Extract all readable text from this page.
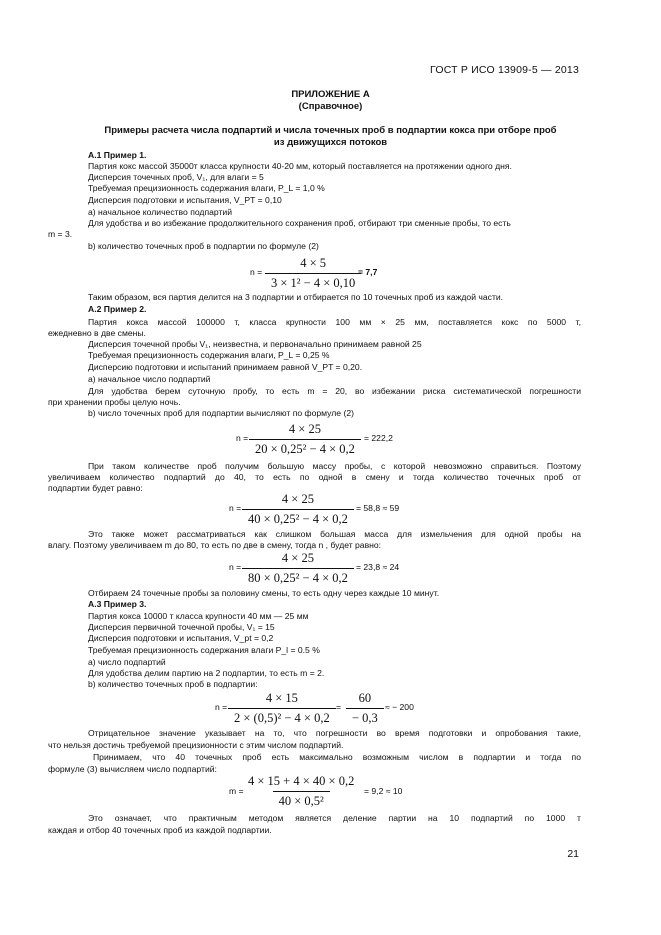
ГОСТ Р ИСО 13909-5 — 2013
ПРИЛОЖЕНИЕ А
(Справочное)
Примеры расчета числа подпартий и числа точечных проб в подпартии кокса при отборе проб
из движущихся потоков
А.1 Пример 1.
Партия кокс массой 35000т класса крупности 40-20 мм, который поставляется на протяжении одного дня.
Дисперсия точечных проб, V₁, для влаги = 5
Требуемая прецизионность содержания влаги, P_L = 1,0 %
Дисперсия подготовки и испытания, V_PT = 0,10
a) начальное количество подпартий
Для удобства и во избежание продолжительного сохранения проб, отбирают три сменные пробы, то есть
m = 3.
b) количество точечных проб в подпартии по формуле (2)
$n = \frac{4 \times 5}{\text{3 × 1² − 4 × 0,10}}$
= 7,7
Таким образом, вся партия делится на 3 подпартии и отбирается по 10 точечных проб из каждой части.
А.2 Пример 2.
Партия кокса массой 100000 т, класса крупности 100 мм × 25 мм, поставляется кокс по 5000 т,
ежедневно в две смены.
Дисперсия точечной пробы V₁, неизвестна, и первоначально принимаем равной 25
Требуемая прецизионность содержания влаги, P_L = 0,25 %
Дисперсию подготовки и испытаний принимаем равной V_PT = 0,20.
a) начальное число подпартий
Для удобства берем суточную пробу, то есть m = 20, во избежании риска систематической погрешности
при хранении пробы целую ночь.
b) число точечных проб для подпартии вычисляют по формуле (2)
$n = \frac{4 \times 25}{\text{20 × 0,25² − 4 × 0,2}} = 222,2$
При таком количестве проб получим большую массу пробы, с которой невозможно справиться. Поэтому
увеличиваем количество подпартий до 40, то есть по одной в смену и тогда количество точечных проб от
подпартии будет равно:
$n = \frac{4 \times 25}{\text{40 × 0,25² − 4 × 0,2}} = 58,8 \approx 59$
Это также может рассматриваться как слишком большая масса для измельчения для одной пробы на
влагу. Поэтому увеличиваем m до 80, то есть по две в смену, тогда n , будет равно:
$n = \frac{4 \times 25}{\text{80 × 0,25² − 4 × 0,2}} = 23,8 \approx 24$
Отбираем 24 точечные пробы за половину смены, то есть одну через каждые 10 минут.
А.3 Пример 3.
Партия кокса 10000 т класса крупности 40 мм — 25 мм
Дисперсия первичной точечной пробы, V₁ = 15
Дисперсия подготовки и испытания, V_pt = 0,2
Требуемая прецизионность содержания влаги P_l = 0.5 %
a) число подпартий
Для удобства делим партию на 2 подпартии, то есть m = 2.
b) количество точечных проб в подпартии:
$n = \frac{4 \times 15}{\text{2 × (0,5)² − 4 × 0,2}} = \frac{60}{- 0,3}$ ≈ − 200
Отрицательное значение указывает на то, что погрешности во время подготовки и опробования такие,
что нельзя достичь требуемой прецизионности с этим числом подпартий.
Принимаем, что 40 точечных проб есть максимально возможным числом в подпартии и тогда по
формуле (3) вычисляем число подпартий:
m =
$\frac{4 \times 15 + 4 \times 40 \times 0,2}{\text{40 × 0,5²}} = 9,2 \approx 10$
Это означает, что практичным методом является деление партии на 10 подпартий по 1000 т
каждая и отбор 40 точечных проб из каждой подпартии.
21
